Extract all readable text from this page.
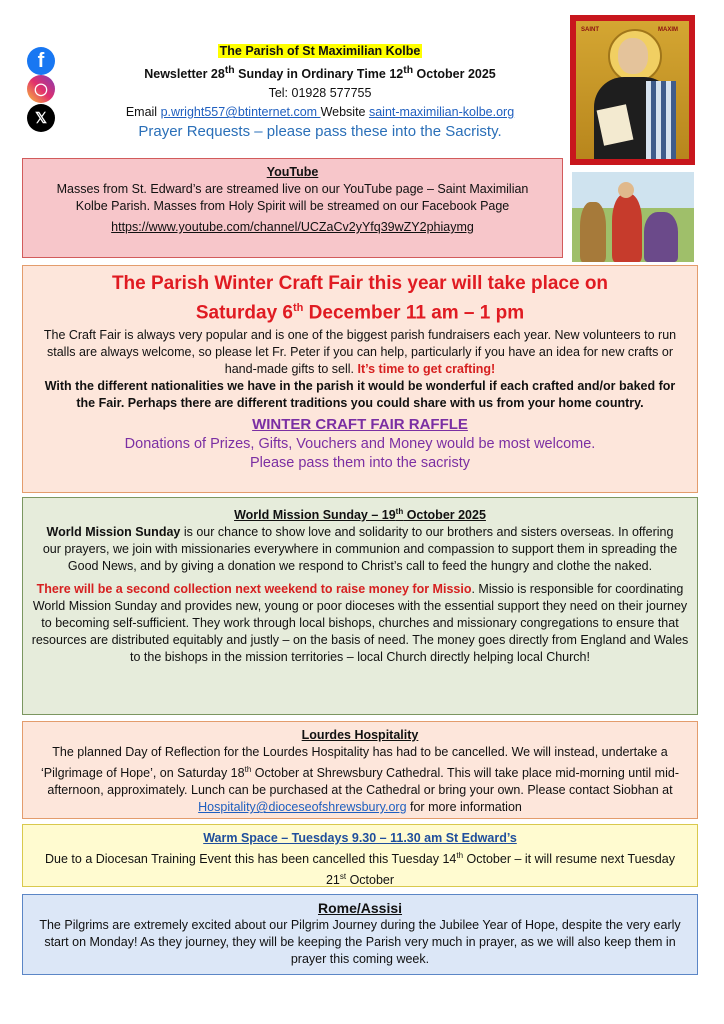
f
◯
𝕏

The Parish of St Maximilian Kolbe

Newsletter 28th Sunday in Ordinary Time 12th October 2025

Tel: 01928 577755

Email p.wright557@btinternet.com Website saint-maximilian-kolbe.org

Prayer Requests – please pass these into the Sacristy.

SAINT	MAXIM

YouTube

Masses from St. Edward’s are streamed live on our YouTube page – Saint Maximilian Kolbe Parish. Masses from Holy Spirit will be streamed on our Facebook Page

https://www.youtube.com/channel/UCZaCv2yYfq39wZY2phiaymg

The Parish Winter Craft Fair this year will take place on

Saturday 6th December 11 am – 1 pm

The Craft Fair is always very popular and is one of the biggest parish fundraisers each year. New volunteers to run stalls are always welcome, so please let Fr. Peter if you can help, particularly if you have an idea for new crafts or hand-made gifts to sell. It’s time to get crafting!

With the different nationalities we have in the parish it would be wonderful if each crafted and/or baked for the Fair. Perhaps there are different traditions you could share with us from your home country.

WINTER CRAFT FAIR RAFFLE

Donations of Prizes, Gifts, Vouchers and Money would be most welcome. Please pass them into the sacristy

World Mission Sunday – 19th October 2025

World Mission Sunday is our chance to show love and solidarity to our brothers and sisters overseas. In offering our prayers, we join with missionaries everywhere in communion and compassion to support them in spreading the Good News, and by giving a donation we respond to Christ’s call to feed the hungry and clothe the naked.

There will be a second collection next weekend to raise money for Missio. Missio is responsible for coordinating World Mission Sunday and provides new, young or poor dioceses with the essential support they need on their journey to becoming self-sufficient. They work through local bishops, churches and missionary congregations to ensure that resources are distributed equitably and justly – on the basis of need. The money goes directly from England and Wales to the bishops in the mission territories – local Church directly helping local Church!

Lourdes Hospitality

The planned Day of Reflection for the Lourdes Hospitality has had to be cancelled. We will instead, undertake a ‘Pilgrimage of Hope’, on Saturday 18th October at Shrewsbury Cathedral. This will take place mid-morning until mid-afternoon, approximately. Lunch can be purchased at the Cathedral or bring your own. Please contact Siobhan at Hospitality@dioceseofshrewsbury.org for more information

Warm Space – Tuesdays 9.30 – 11.30 am St Edward’s

Due to a Diocesan Training Event this has been cancelled this Tuesday 14th October – it will resume next Tuesday 21st October

Rome/Assisi

The Pilgrims are extremely excited about our Pilgrim Journey during the Jubilee Year of Hope, despite the very early start on Monday! As they journey, they will be keeping the Parish very much in prayer, as we will also keep them in prayer this coming week.
